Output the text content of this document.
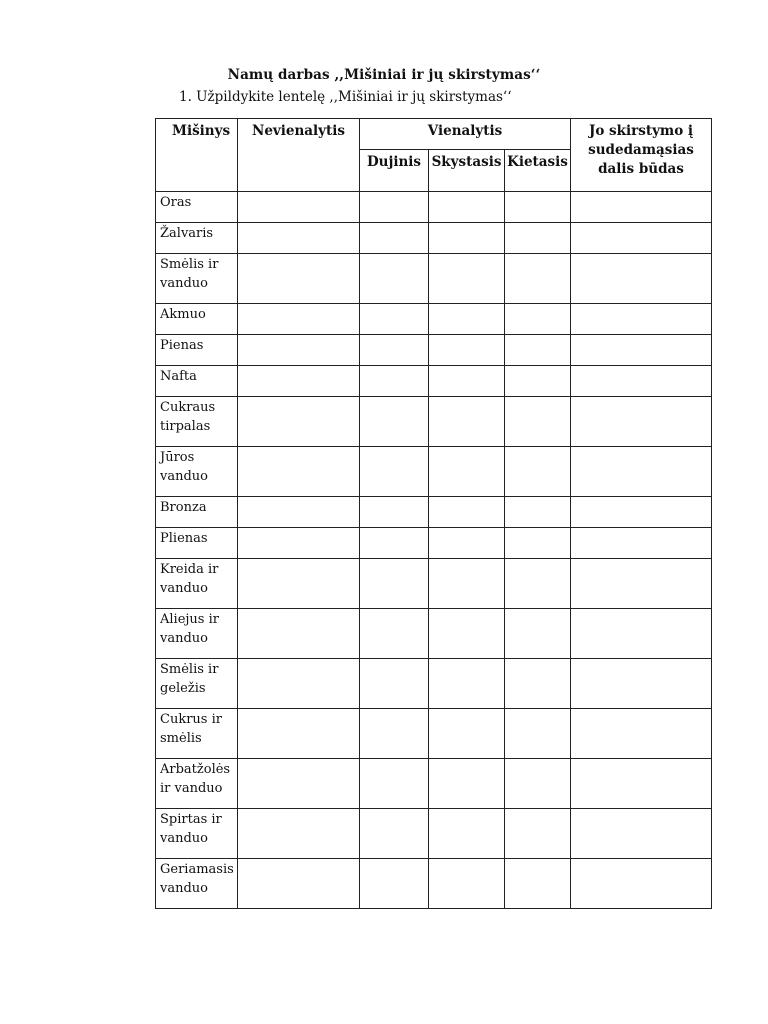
Namų darbas ,,Mišiniai ir jų skirstymas‘‘
1. Užpildykite lentelę ,,Mišiniai ir jų skirstymas‘‘
Mišinys	Nevienalytis	Vienalytis			Jo skirstymo į sudedamąsias dalis būdas
		Dujinis	Skystasis	Kietasis	

Oras					

Žalvaris					

Smėlis ir
vanduo					

Akmuo					

Pienas					

Nafta					

Cukraus
tirpalas					

Jūros
vanduo					

Bronza					

Plienas					

Kreida ir
vanduo					

Aliejus ir
vanduo					

Smėlis ir
geležis					

Cukrus ir
smėlis					

Arbatžolės
ir vanduo					

Spirtas ir
vanduo					

Geriamasis
vanduo					
